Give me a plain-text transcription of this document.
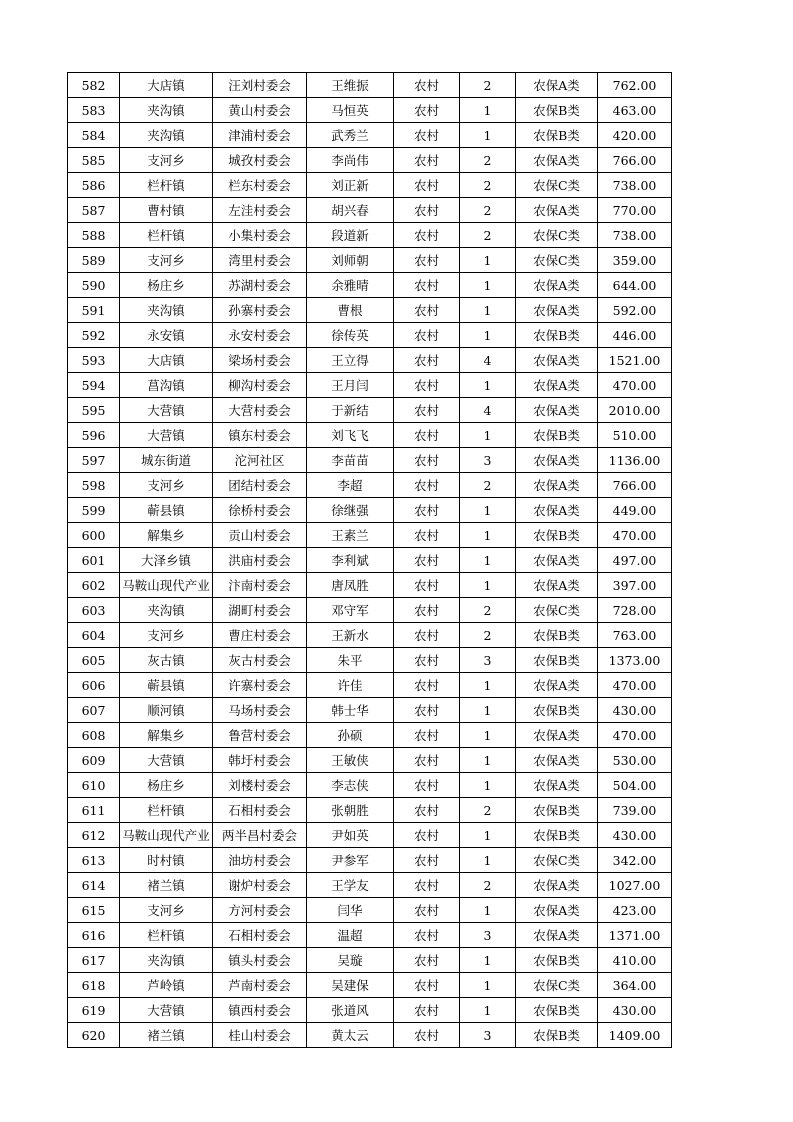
582	大店镇	汪刘村委会	王维振	农村	2	农保A类	762.00
583	夹沟镇	黄山村委会	马恒英	农村	1	农保B类	463.00
584	夹沟镇	津浦村委会	武秀兰	农村	1	农保B类	420.00
585	支河乡	城孜村委会	李尚伟	农村	2	农保A类	766.00
586	栏杆镇	栏东村委会	刘正新	农村	2	农保C类	738.00
587	曹村镇	左洼村委会	胡兴春	农村	2	农保A类	770.00
588	栏杆镇	小集村委会	段道新	农村	2	农保C类	738.00
589	支河乡	湾里村委会	刘师朝	农村	1	农保C类	359.00
590	杨庄乡	苏湖村委会	余雅晴	农村	1	农保A类	644.00
591	夹沟镇	孙寨村委会	曹根	农村	1	农保A类	592.00
592	永安镇	永安村委会	徐传英	农村	1	农保B类	446.00
593	大店镇	梁场村委会	王立得	农村	4	农保A类	1521.00
594	菖沟镇	柳沟村委会	王月闫	农村	1	农保A类	470.00
595	大营镇	大营村委会	于新结	农村	4	农保A类	2010.00
596	大营镇	镇东村委会	刘飞飞	农村	1	农保B类	510.00
597	城东街道	沱河社区	李苗苗	农村	3	农保A类	1136.00
598	支河乡	团结村委会	李超	农村	2	农保A类	766.00
599	蕲县镇	徐桥村委会	徐继强	农村	1	农保A类	449.00
600	解集乡	贡山村委会	王素兰	农村	1	农保B类	470.00
601	大泽乡镇	洪庙村委会	李利斌	农村	1	农保A类	497.00
602	马鞍山现代产业	汴南村委会	唐凤胜	农村	1	农保A类	397.00
603	夹沟镇	湖町村委会	邓守军	农村	2	农保C类	728.00
604	支河乡	曹庄村委会	王新水	农村	2	农保B类	763.00
605	灰古镇	灰古村委会	朱平	农村	3	农保B类	1373.00
606	蕲县镇	许寨村委会	许佳	农村	1	农保A类	470.00
607	顺河镇	马场村委会	韩士华	农村	1	农保B类	430.00
608	解集乡	鲁营村委会	孙硕	农村	1	农保A类	470.00
609	大营镇	韩圩村委会	王敏侠	农村	1	农保A类	530.00
610	杨庄乡	刘楼村委会	李志侠	农村	1	农保A类	504.00
611	栏杆镇	石相村委会	张朝胜	农村	2	农保B类	739.00
612	马鞍山现代产业	两半昌村委会	尹如英	农村	1	农保B类	430.00
613	时村镇	油坊村委会	尹参军	农村	1	农保C类	342.00
614	褚兰镇	谢炉村委会	王学友	农村	2	农保A类	1027.00
615	支河乡	方河村委会	闫华	农村	1	农保A类	423.00
616	栏杆镇	石相村委会	温超	农村	3	农保A类	1371.00
617	夹沟镇	镇头村委会	吴璇	农村	1	农保B类	410.00
618	芦岭镇	芦南村委会	吴建保	农村	1	农保C类	364.00
619	大营镇	镇西村委会	张道风	农村	1	农保B类	430.00
620	褚兰镇	桂山村委会	黄太云	农村	3	农保B类	1409.00
